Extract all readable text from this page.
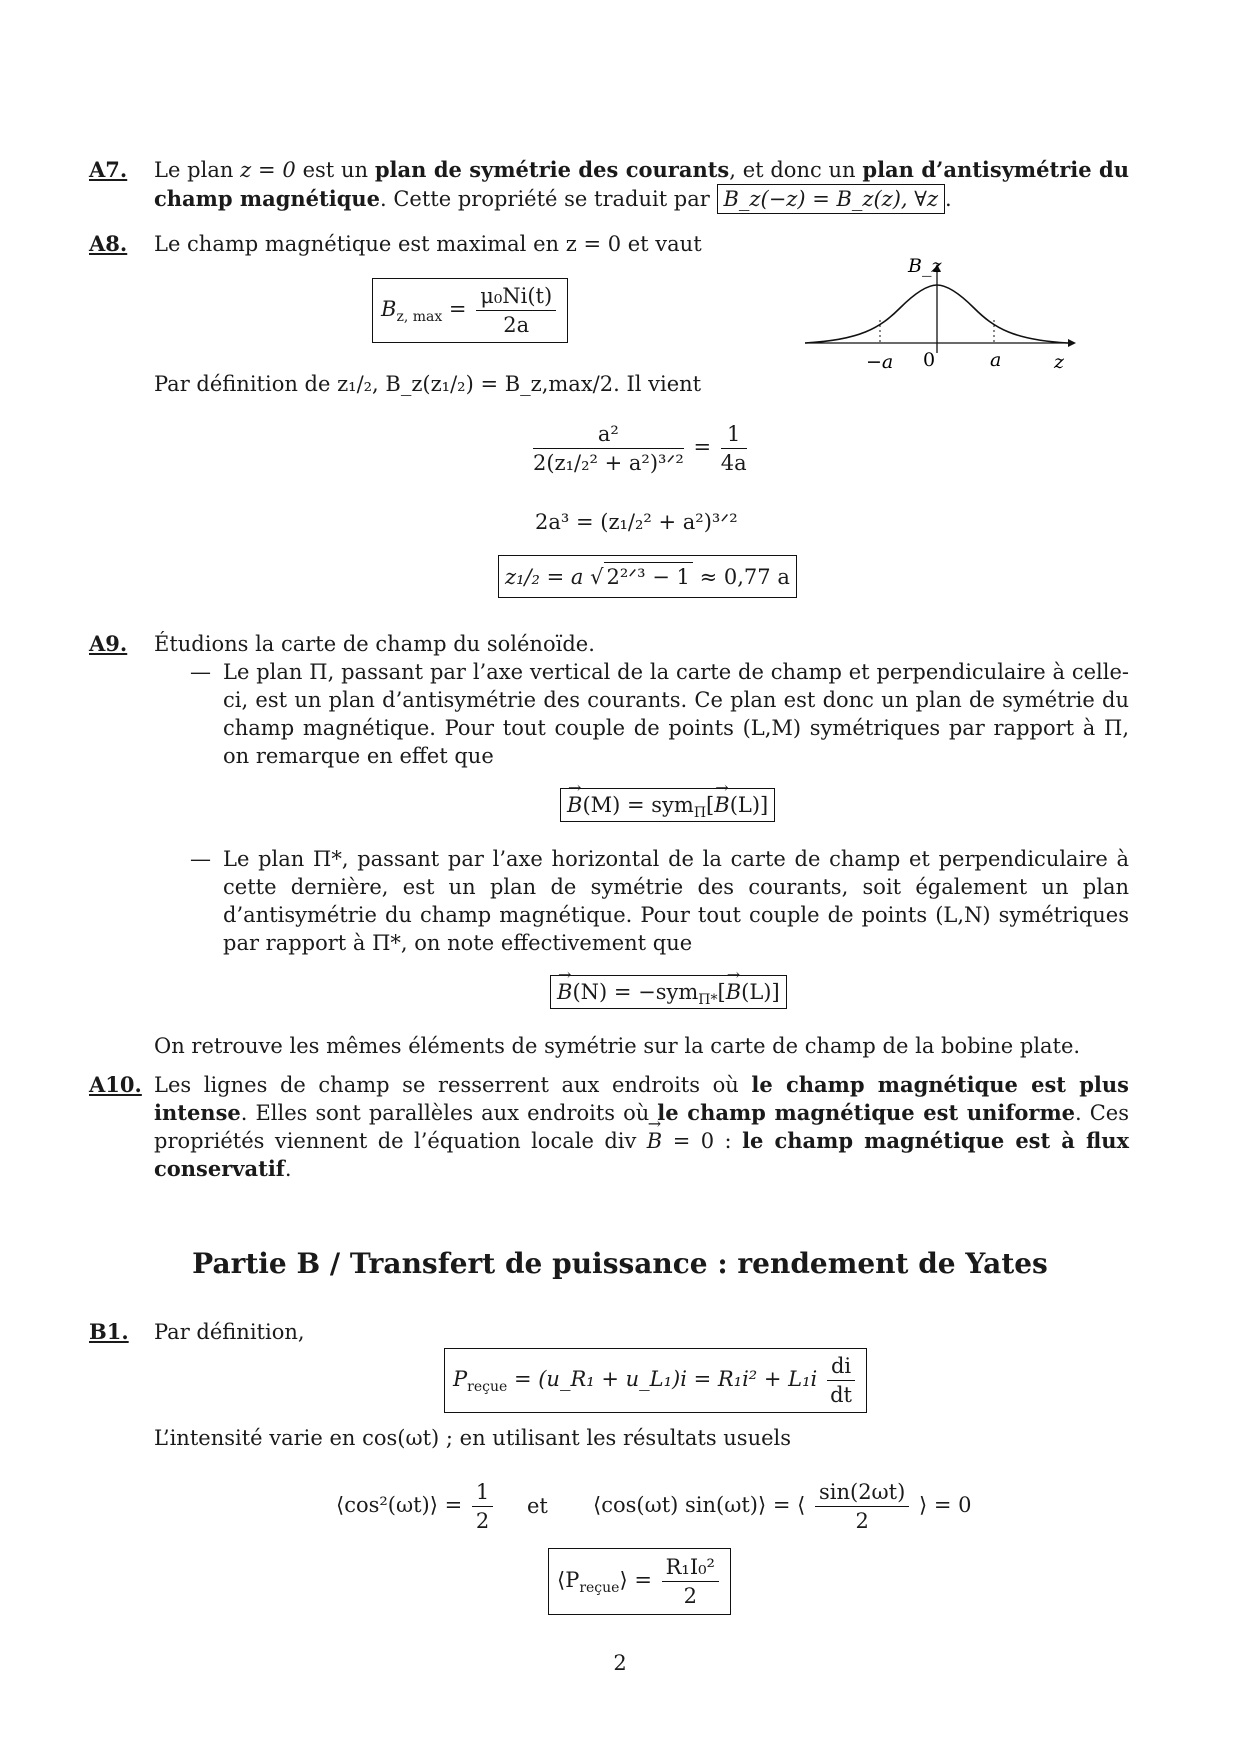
A7. Le plan z = 0 est un plan de symétrie des courants, et donc un plan d’antisymétrie du champ magnétique. Cette propriété se traduit par B_z(−z) = B_z(z), ∀z .
A8. Le champ magnétique est maximal en z = 0 et vaut
$B_{z, max} = \frac{\text{μ₀Ni(t)}}{2a}$
B_z
z
−a 0	a
Par définition de z₁/₂, B_z(z₁/₂) = B_z,max/2. Il vient
$\frac{\text{a²}}{\text{2(z₁/₂² + a²)³ᐟ²}} = \frac{1}{4a}$
2a³ = (z₁/₂² + a²)³ᐟ²
z₁/₂ = a √ 2²ᐟ³ − 1 ≈ 0,77 a
A9. Étudions la carte de champ du solénoïde.
— Le plan Π, passant par l’axe vertical de la carte de champ et perpendiculaire à celle-ci, est un plan d’antisymétrie des courants. Ce plan est donc un plan de symétrie du champ magnétique. Pour tout couple de points (L,M) symétriques par rapport à Π, on remarque en effet que
→ B(M) = sym$_\Pi$[→ B(L)]
— Le plan Π*, passant par l’axe horizontal de la carte de champ et perpendiculaire à cette dernière, est un plan de symétrie des courants, soit également un plan d’antisymétrie du champ magnétique. Pour tout couple de points (L,N) symétriques par rapport à Π*, on note effectivement que
→ B(N) = −sym$_{\Pi*}$[→ B(L)]
On retrouve les mêmes éléments de symétrie sur la carte de champ de la bobine plate.
A10. Les lignes de champ se resserrent aux endroits où le champ magnétique est plus intense. Elles sont parallèles aux endroits où le champ magnétique est uniforme. Ces propriétés viennent de l’équation locale div → B = 0 : le champ magnétique est à flux conservatif.
Partie B / Transfert de puissance : rendement de Yates
B1. Par définition,
$P_{reçue}$ = (u_R₁ + u_L₁)i = $R_1i^2 + L_1i \frac{di}{dt}$
L’intensité varie en cos(ωt) ; en utilisant les résultats usuels
⟨cos²(ωt)⟩ = $\frac{1}{2}$ et ⟨cos(ωt) sin(ωt)⟩ = ⟨ $\frac{\sin(2\omega t)}{2}$ ⟩ = 0
$⟨P_{reçue}⟩ = \frac{\text{R₁I₀²}}{2}$
2
